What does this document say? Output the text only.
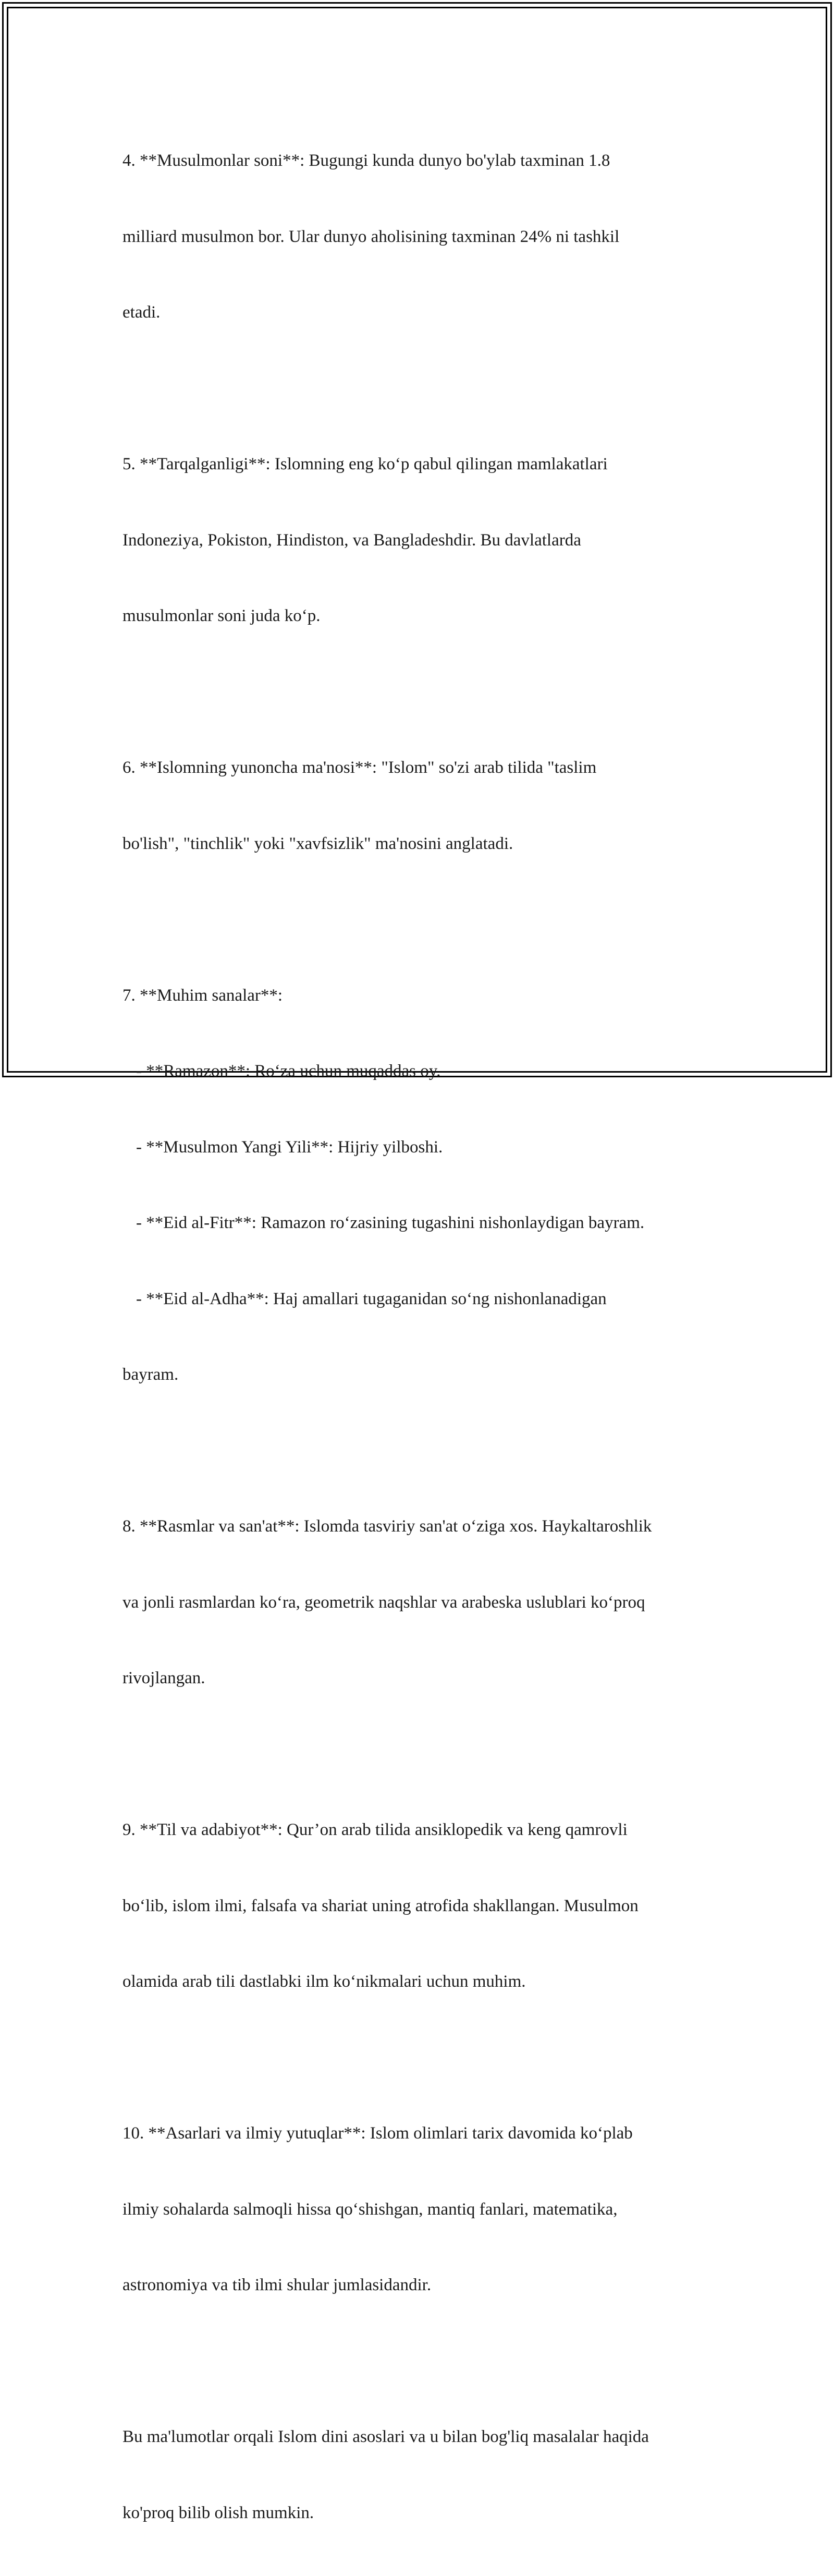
4. **Musulmonlar soni**: Bugungi kunda dunyo bo'ylab taxminan 1.8

milliard musulmon bor. Ular dunyo aholisining taxminan 24% ni tashkil

etadi.

5. **Tarqalganligi**: Islomning eng ko‘p qabul qilingan mamlakatlari

Indoneziya, Pokiston, Hindiston, va Bangladeshdir. Bu davlatlarda

musulmonlar soni juda ko‘p.

6. **Islomning yunoncha ma'nosi**: "Islom" so'zi arab tilida "taslim

bo'lish", "tinchlik" yoki "xavfsizlik" ma'nosini anglatadi.

7. **Muhim sanalar**:

- **Ramazon**: Ro‘za uchun muqaddas oy.

- **Musulmon Yangi Yili**: Hijriy yilboshi.

- **Eid al-Fitr**: Ramazon ro‘zasining tugashini nishonlaydigan bayram.

- **Eid al-Adha**: Haj amallari tugaganidan so‘ng nishonlanadigan

bayram.

8. **Rasmlar va san'at**: Islomda tasviriy san'at o‘ziga xos. Haykaltaroshlik

va jonli rasmlardan ko‘ra, geometrik naqshlar va arabeska uslublari ko‘proq

rivojlangan.

9. **Til va adabiyot**: Qur’on arab tilida ansiklopedik va keng qamrovli

bo‘lib, islom ilmi, falsafa va shariat uning atrofida shakllangan. Musulmon

olamida arab tili dastlabki ilm ko‘nikmalari uchun muhim.

10. **Asarlari va ilmiy yutuqlar**: Islom olimlari tarix davomida ko‘plab

ilmiy sohalarda salmoqli hissa qo‘shishgan, mantiq fanlari, matematika,

astronomiya va tib ilmi shular jumlasidandir.

Bu ma'lumotlar orqali Islom dini asoslari va u bilan bog'liq masalalar haqida

ko'proq bilib olish mumkin.
